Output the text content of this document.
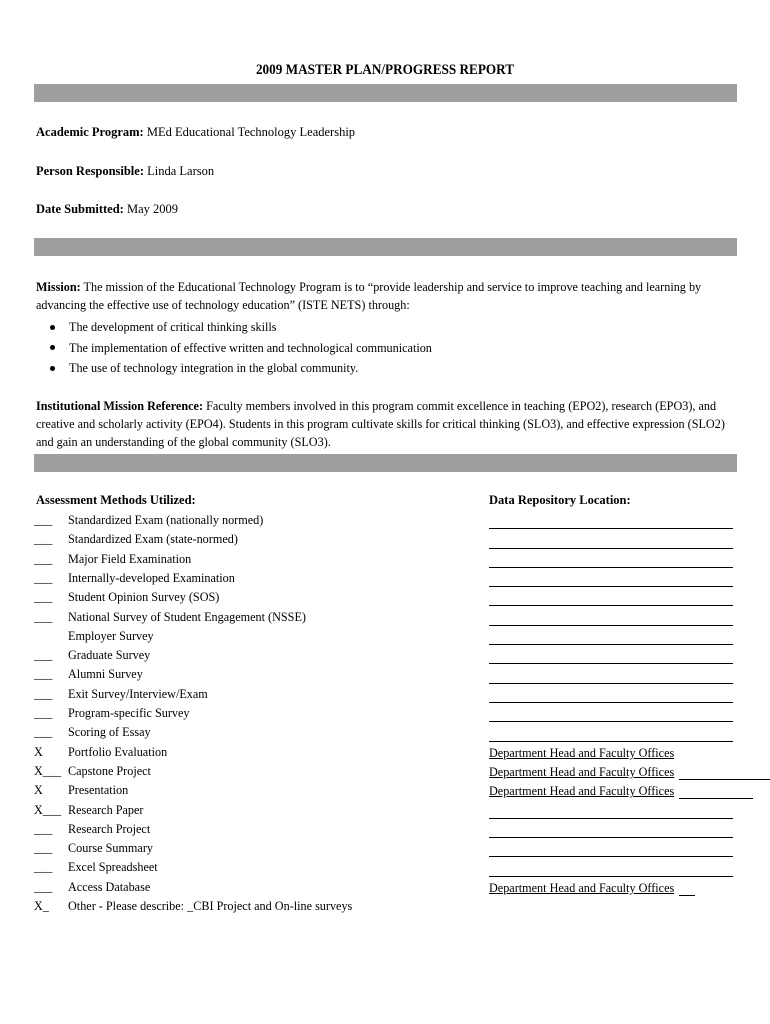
2009 MASTER PLAN/PROGRESS REPORT
Academic Program: MEd Educational Technology Leadership
Person Responsible: Linda Larson
Date Submitted: May 2009
Mission: The mission of the Educational Technology Program is to “provide leadership and service to improve teaching and learning by advancing the effective use of technology education” (ISTE NETS) through:
The development of critical thinking skills
The implementation of effective written and technological communication
The use of technology integration in the global community.
Institutional Mission Reference: Faculty members involved in this program commit excellence in teaching (EPO2), research (EPO3), and creative and scholarly activity (EPO4). Students in this program cultivate skills for critical thinking (SLO3), and effective expression (SLO2) and gain an understanding of the global community (SLO3).
Assessment Methods Utilized:	Data Repository Location:
___ Standardized Exam (nationally normed)
___ Standardized Exam (state-normed)
___ Major Field Examination
___ Internally-developed Examination
___ Student Opinion Survey (SOS)
___ National Survey of Student Engagement (NSSE)
Employer Survey
___ Graduate Survey
___ Alumni Survey
___ Exit Survey/Interview/Exam
___ Program-specific Survey
___ Scoring of Essay
X Portfolio Evaluation	Department Head and Faculty Offices
X___ Capstone Project	Department Head and Faculty Offices
X Presentation	Department Head and Faculty Offices
X___ Research Paper
___ Research Project
___ Course Summary
___ Excel Spreadsheet
___ Access Database	Department Head and Faculty Offices
X_ Other - Please describe: _CBI Project and On-line surveys
